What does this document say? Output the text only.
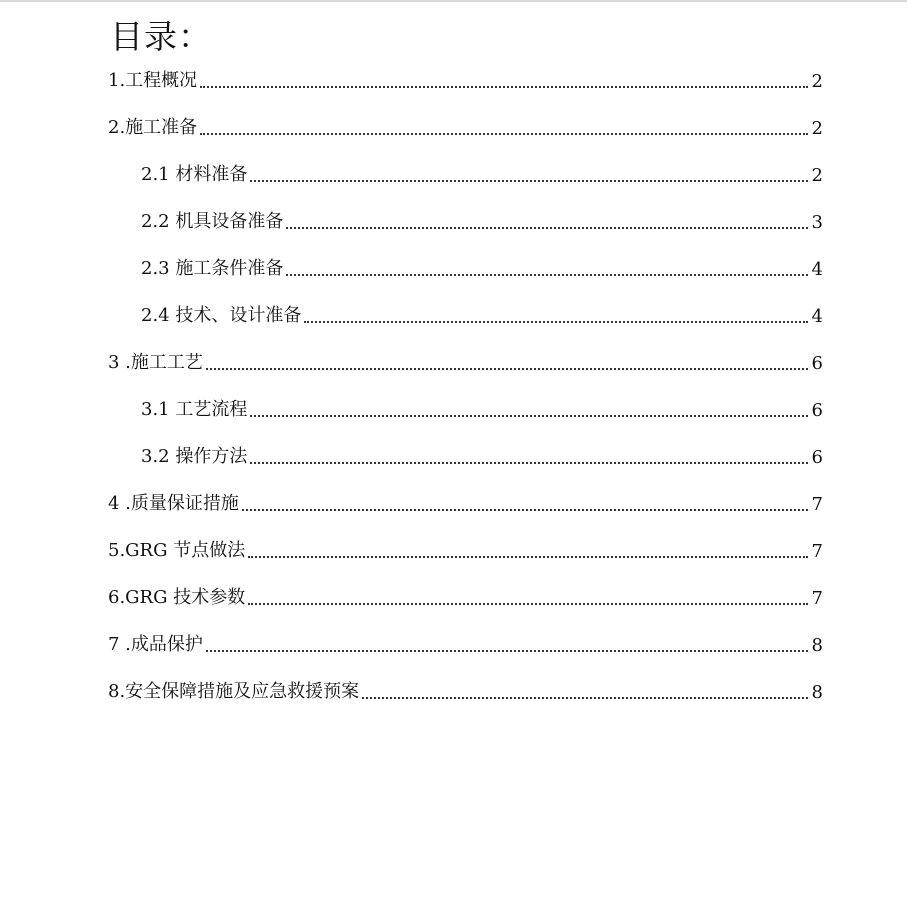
目录：
1.工程概况	2
2.施工准备	2
2.1 材料准备	2
2.2 机具设备准备	3
2.3 施工条件准备	4
2.4 技术、设计准备	4
3 .施工工艺	6
3.1 工艺流程	6
3.2 操作方法	6
4 .质量保证措施	7
5.GRG 节点做法	7
6.GRG 技术参数	7
7 .成品保护	8
8.安全保障措施及应急救援预案	8
